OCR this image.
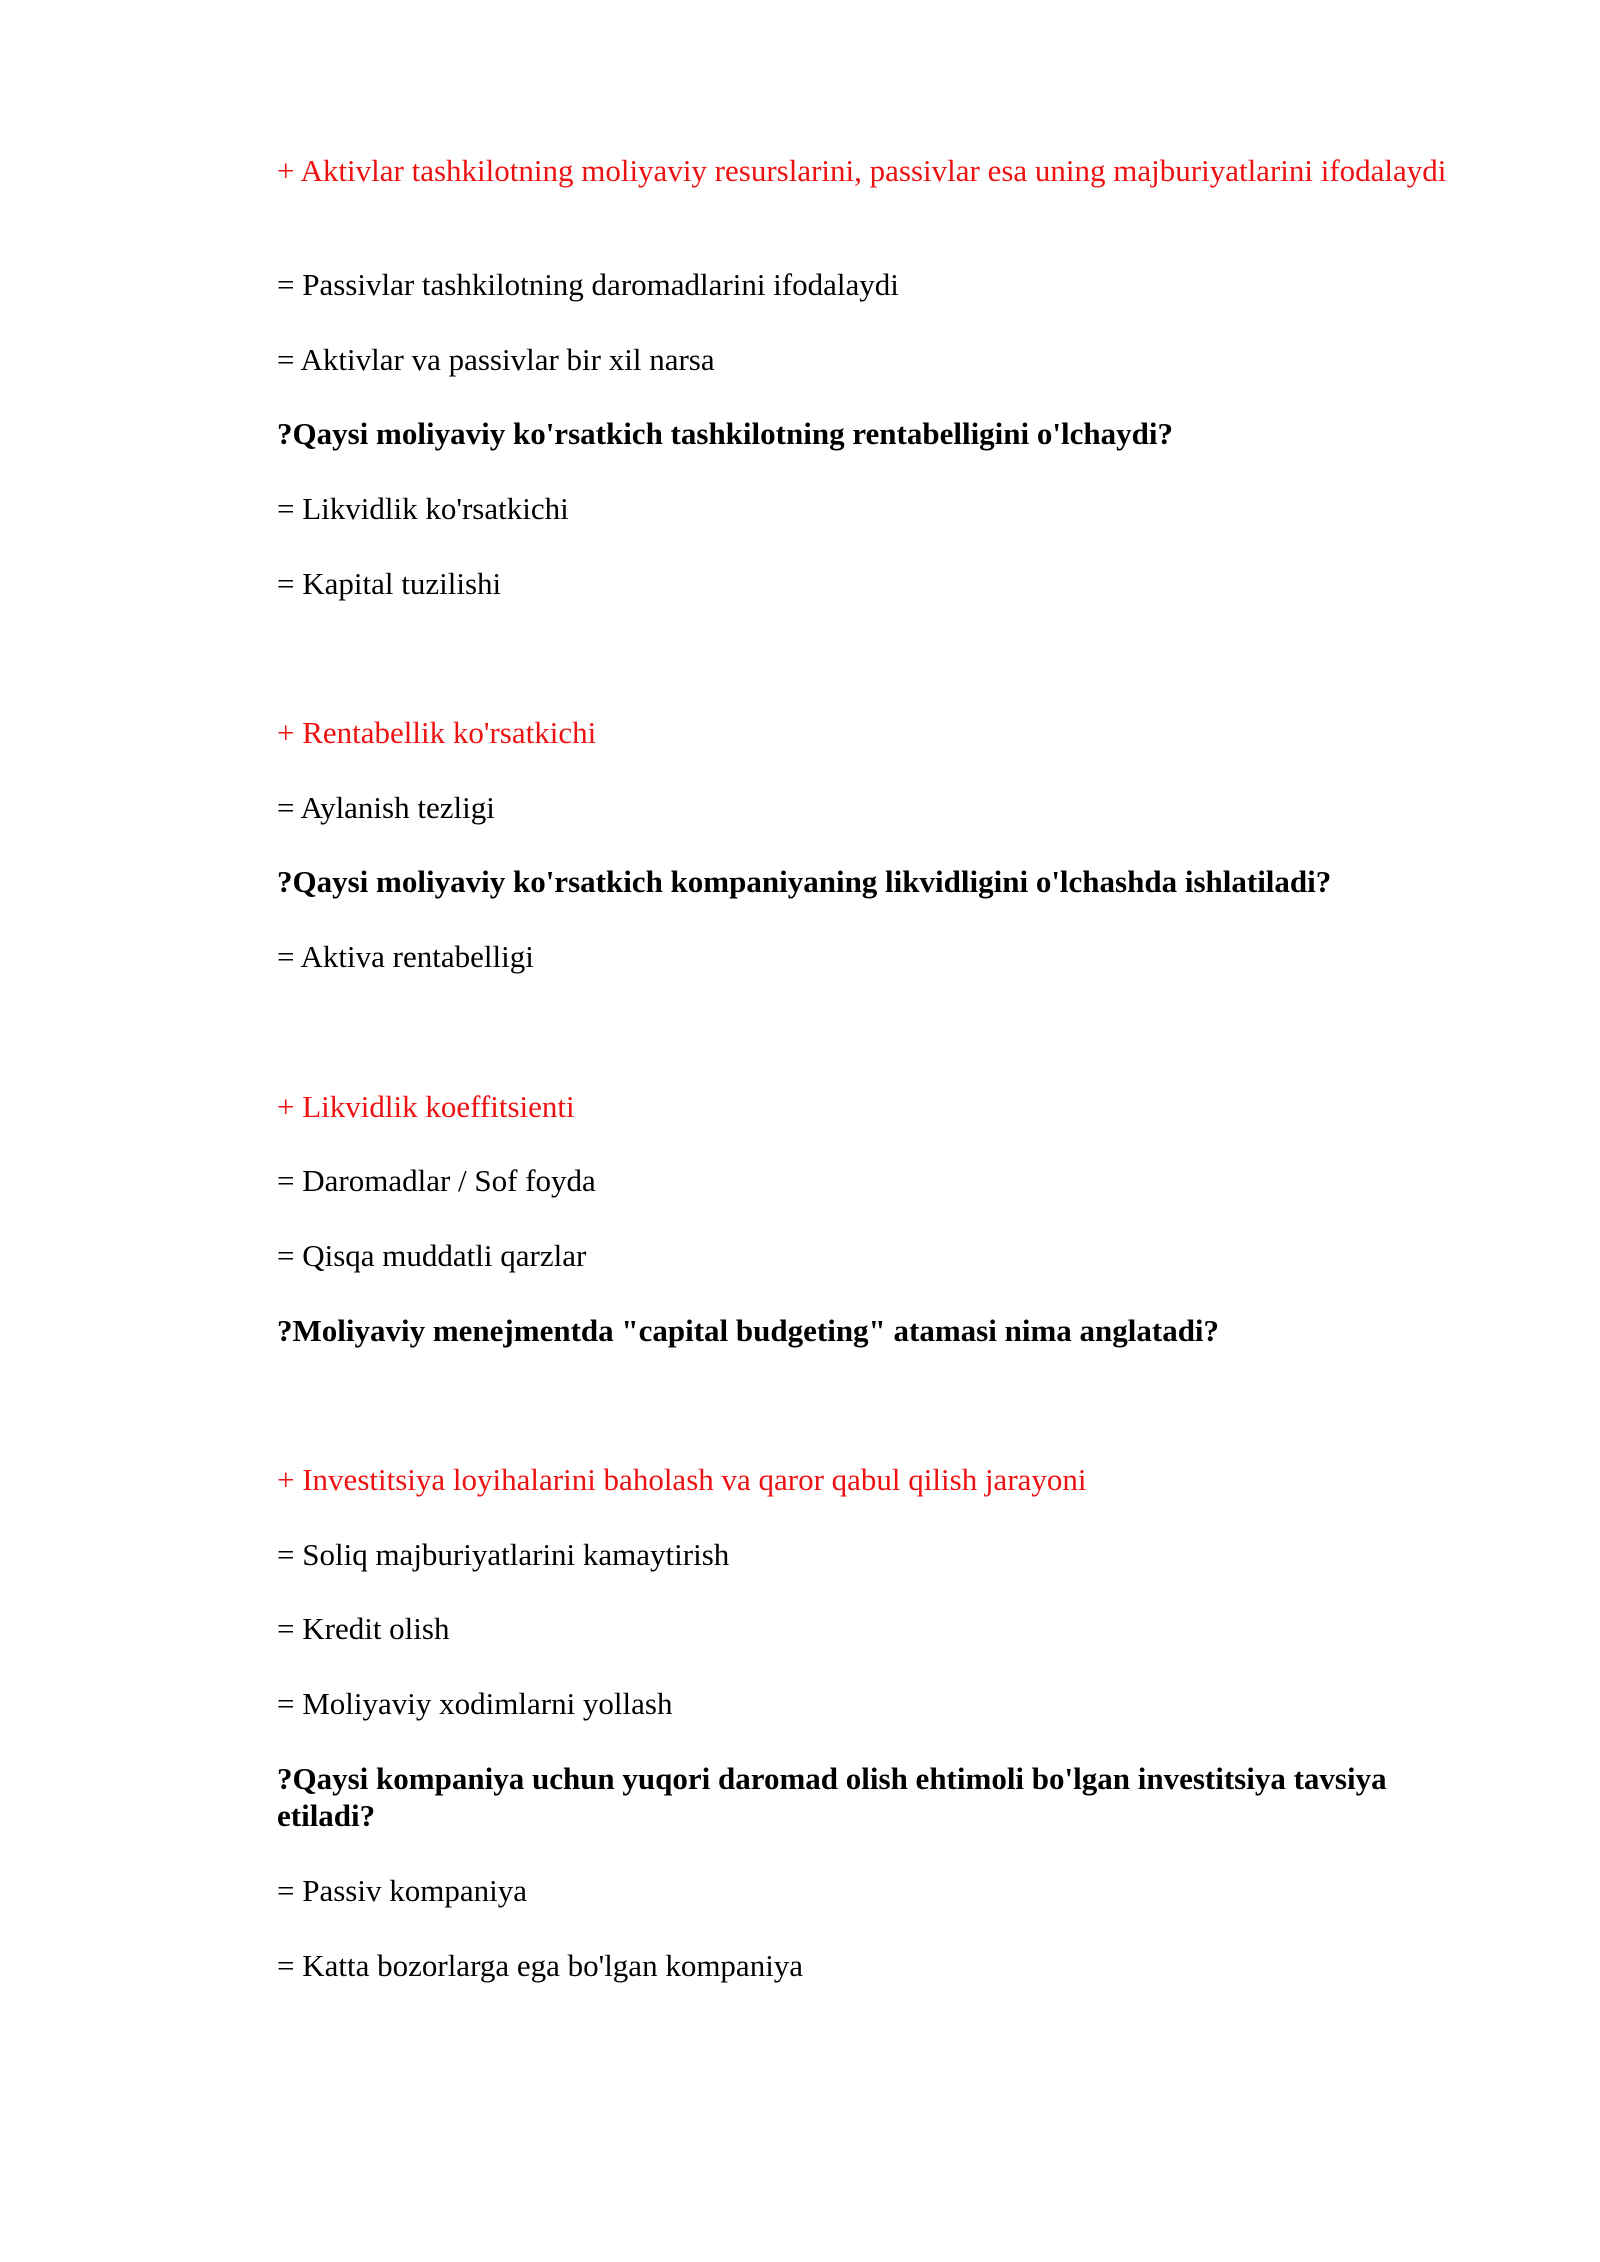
+ Aktivlar tashkilotning moliyaviy resurslarini, passivlar esa uning majburiyatlarini ifodalaydi
= Passivlar tashkilotning daromadlarini ifodalaydi
= Aktivlar va passivlar bir xil narsa
?Qaysi moliyaviy ko'rsatkich tashkilotning rentabelligini o'lchaydi?
= Likvidlik ko'rsatkichi
= Kapital tuzilishi
+ Rentabellik ko'rsatkichi
= Aylanish tezligi
?Qaysi moliyaviy ko'rsatkich kompaniyaning likvidligini o'lchashda ishlatiladi?
= Aktiva rentabelligi
+ Likvidlik koeffitsienti
= Daromadlar / Sof foyda
= Qisqa muddatli qarzlar
?Moliyaviy menejmentda "capital budgeting" atamasi nima anglatadi?
+ Investitsiya loyihalarini baholash va qaror qabul qilish jarayoni
= Soliq majburiyatlarini kamaytirish
= Kredit olish
= Moliyaviy xodimlarni yollash
?Qaysi kompaniya uchun yuqori daromad olish ehtimoli bo'lgan investitsiya tavsiya etiladi?
= Passiv kompaniya
= Katta bozorlarga ega bo'lgan kompaniya
